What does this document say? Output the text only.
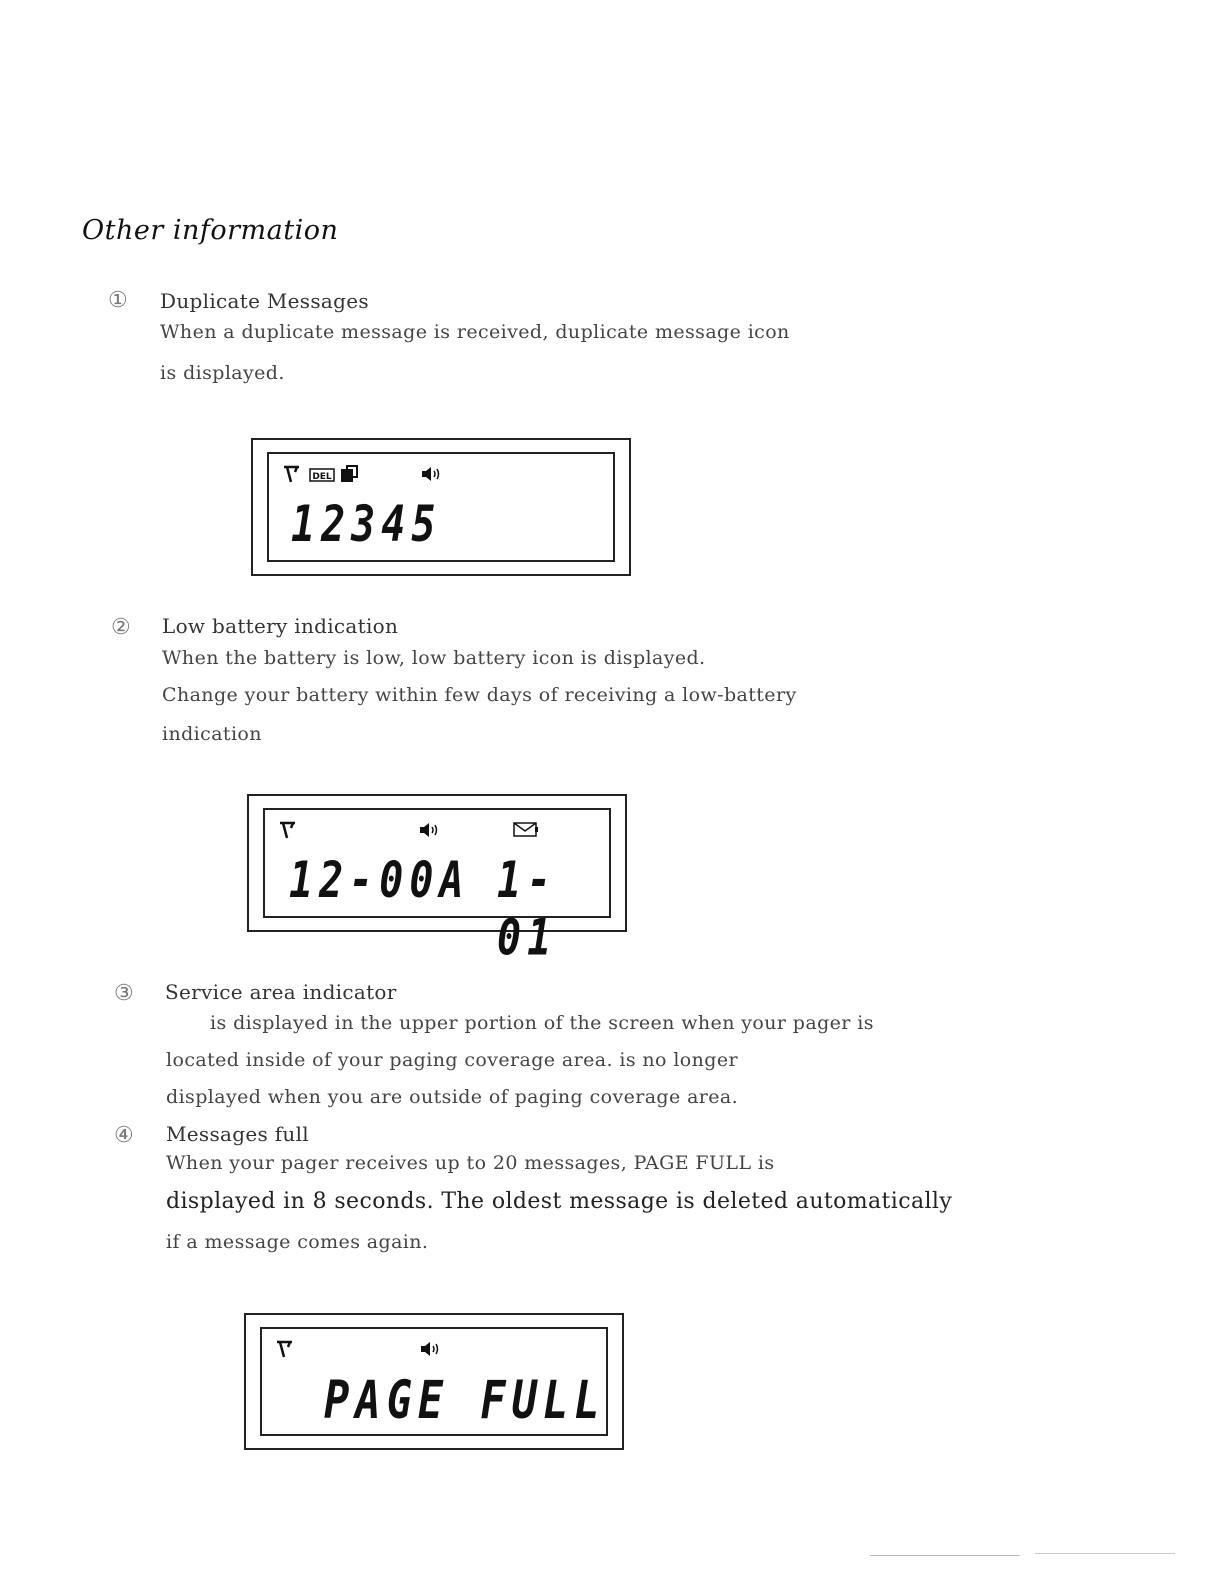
Other information
① Duplicate Messages
When a duplicate message is received, duplicate message icon
is displayed.
DEL
12345
② Low battery indication
When the battery is low, low battery icon is displayed.
Change your battery within few days of receiving a low-battery
indication
12-00A 1-01
③ Service area indicator
is displayed in the upper portion of the screen when your pager is
located inside of your paging coverage area. is no longer
displayed when you are outside of paging coverage area.
④ Messages full
When your pager receives up to 20 messages, PAGE FULL is
displayed in 8 seconds. The oldest message is deleted automatically
if a message comes again.
PAGE FULL
